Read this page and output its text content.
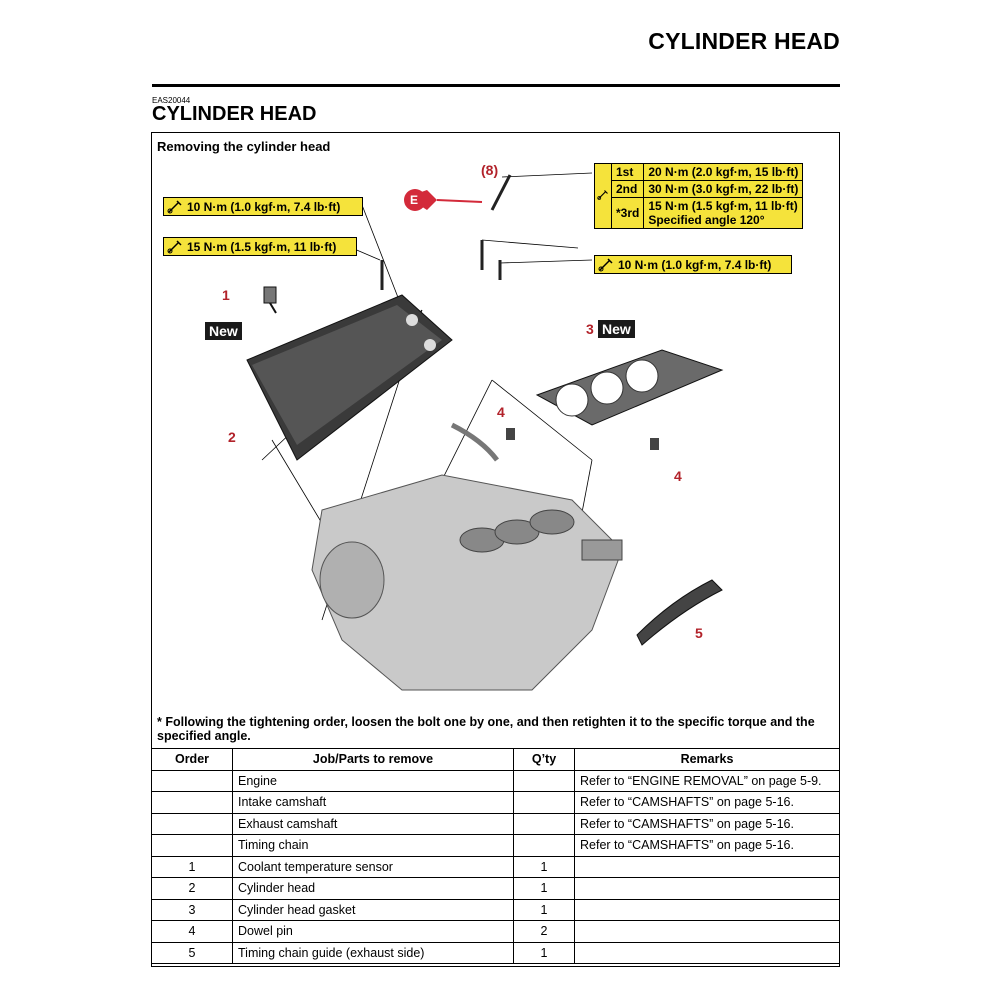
CYLINDER HEAD
EAS20044
CYLINDER HEAD
Removing the cylinder head
(8)
1
2
3
4
4
5
E
New	New
10 N·m (1.0 kgf·m, 7.4 lb·ft)
15 N·m (1.5 kgf·m, 11 lb·ft)
10 N·m (1.0 kgf·m, 7.4 lb·ft)
	1st	20 N·m (2.0 kgf·m, 15 lb·ft)
	2nd	30 N·m (3.0 kgf·m, 22 lb·ft)
	*3rd	15 N·m (1.5 kgf·m, 11 lb·ft)
Specified angle 120°
* Following the tightening order, loosen the bolt one by one, and then retighten it to the specific torque and the specified angle.
Order	Job/Parts to remove	Q’ty	Remarks
	Engine		Refer to “ENGINE REMOVAL” on page 5-9.
	Intake camshaft		Refer to “CAMSHAFTS” on page 5-16.
	Exhaust camshaft		Refer to “CAMSHAFTS” on page 5-16.
	Timing chain		Refer to “CAMSHAFTS” on page 5-16.
1	Coolant temperature sensor	1	
2	Cylinder head	1	
3	Cylinder head gasket	1	
4	Dowel pin	2	
5	Timing chain guide (exhaust side)	1	
